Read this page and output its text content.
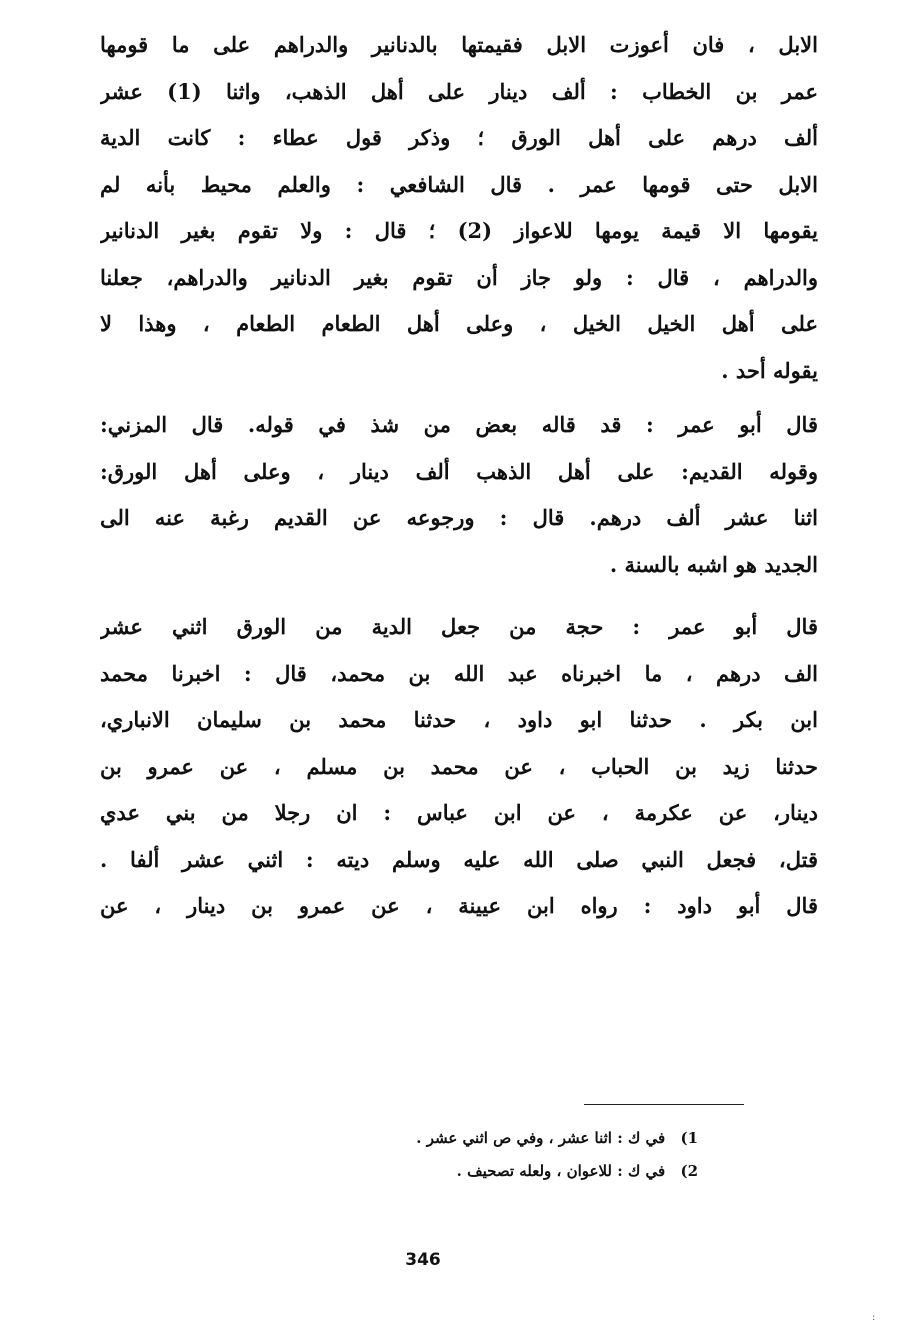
الابل ، فان أعوزت الابل فقيمتها بالدنانير والدراهم على ما قومها
عمر بن الخطاب : ألف دينار على أهل الذهب، واثنا (1) عشر
ألف درهم على أهل الورق ؛ وذكر قول عطاء : كانت الدية
الابل حتى قومها عمر . قال الشافعي : والعلم محيط بأنه لم
يقومها الا قيمة يومها للاعواز (2) ؛ قال : ولا تقوم بغير الدنانير
والدراهم ، قال : ولو جاز أن تقوم بغير الدنانير والدراهم، جعلنا
على أهل الخيل الخيل ، وعلى أهل الطعام الطعام ، وهذا لا
يقوله أحد .
قال أبو عمر : قد قاله بعض من شذ في قوله. قال المزني:
وقوله القديم: على أهل الذهب ألف دينار ، وعلى أهل الورق:
اثنا عشر ألف درهم. قال : ورجوعه عن القديم رغبة عنه الى
الجديد هو اشبه بالسنة .
قال أبو عمر : حجة من جعل الدية من الورق اثني عشر
الف درهم ، ما اخبرناه عبد الله بن محمد، قال : اخبرنا محمد
ابن بكر . حدثنا ابو داود ، حدثنا محمد بن سليمان الانباري،
حدثنا زيد بن الحباب ، عن محمد بن مسلم ، عن عمرو بن
دينار، عن عكرمة ، عن ابن عباس : ان رجلا من بني عدي
قتل، فجعل النبي صلى الله عليه وسلم ديته : اثني عشر ألفا .
قال أبو داود : رواه ابن عيينة ، عن عمرو بن دينار ، عن
1) في ك : اثنا عشر ، وفي ص اثني عشر .
2) في ك : للاعوان ، ولعله تصحيف .
346
:
